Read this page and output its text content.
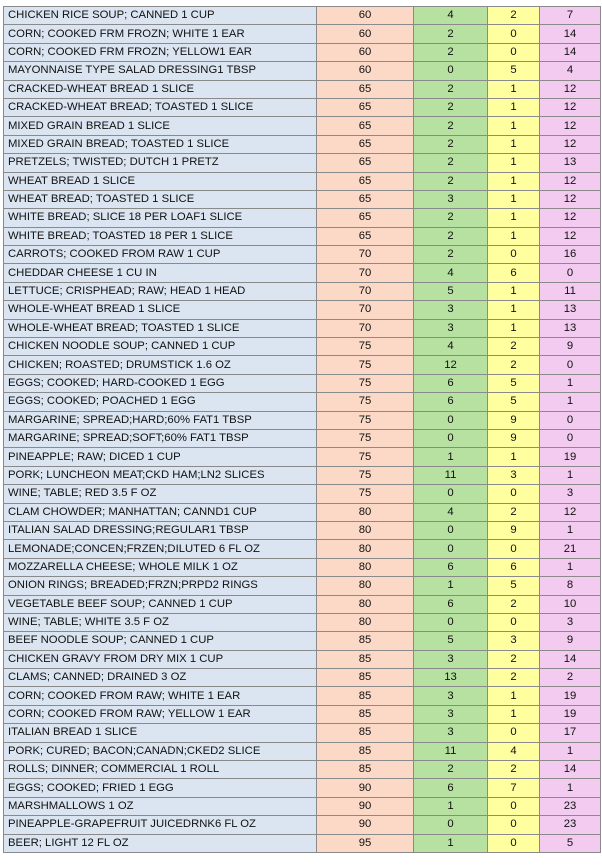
CHICKEN RICE SOUP; CANNED 1 CUP	60	4	2	7
CORN; COOKED FRM FROZN; WHITE 1 EAR	60	2	0	14
CORN; COOKED FRM FROZN; YELLOW1 EAR	60	2	0	14
MAYONNAISE TYPE SALAD DRESSING1 TBSP	60	0	5	4
CRACKED-WHEAT BREAD 1 SLICE	65	2	1	12
CRACKED-WHEAT BREAD; TOASTED 1 SLICE	65	2	1	12
MIXED GRAIN BREAD 1 SLICE	65	2	1	12
MIXED GRAIN BREAD; TOASTED 1 SLICE	65	2	1	12
PRETZELS; TWISTED; DUTCH 1 PRETZ	65	2	1	13
WHEAT BREAD 1 SLICE	65	2	1	12
WHEAT BREAD; TOASTED 1 SLICE	65	3	1	12
WHITE BREAD; SLICE 18 PER LOAF1 SLICE	65	2	1	12
WHITE BREAD; TOASTED 18 PER 1 SLICE	65	2	1	12
CARROTS; COOKED FROM RAW 1 CUP	70	2	0	16
CHEDDAR CHEESE 1 CU IN	70	4	6	0
LETTUCE; CRISPHEAD; RAW; HEAD 1 HEAD	70	5	1	11
WHOLE-WHEAT BREAD 1 SLICE	70	3	1	13
WHOLE-WHEAT BREAD; TOASTED 1 SLICE	70	3	1	13
CHICKEN NOODLE SOUP; CANNED 1 CUP	75	4	2	9
CHICKEN; ROASTED; DRUMSTICK 1.6 OZ	75	12	2	0
EGGS; COOKED; HARD-COOKED 1 EGG	75	6	5	1
EGGS; COOKED; POACHED 1 EGG	75	6	5	1
MARGARINE; SPREAD;HARD;60% FAT1 TBSP	75	0	9	0
MARGARINE; SPREAD;SOFT;60% FAT1 TBSP	75	0	9	0
PINEAPPLE; RAW; DICED 1 CUP	75	1	1	19
PORK; LUNCHEON MEAT;CKD HAM;LN2 SLICES	75	11	3	1
WINE; TABLE; RED 3.5 F OZ	75	0	0	3
CLAM CHOWDER; MANHATTAN; CANND1 CUP	80	4	2	12
ITALIAN SALAD DRESSING;REGULAR1 TBSP	80	0	9	1
LEMONADE;CONCEN;FRZEN;DILUTED 6 FL OZ	80	0	0	21
MOZZARELLA CHEESE; WHOLE MILK 1 OZ	80	6	6	1
ONION RINGS; BREADED;FRZN;PRPD2 RINGS	80	1	5	8
VEGETABLE BEEF SOUP; CANNED 1 CUP	80	6	2	10
WINE; TABLE; WHITE 3.5 F OZ	80	0	0	3
BEEF NOODLE SOUP; CANNED 1 CUP	85	5	3	9
CHICKEN GRAVY FROM DRY MIX 1 CUP	85	3	2	14
CLAMS; CANNED; DRAINED 3 OZ	85	13	2	2
CORN; COOKED FROM RAW; WHITE 1 EAR	85	3	1	19
CORN; COOKED FROM RAW; YELLOW 1 EAR	85	3	1	19
ITALIAN BREAD 1 SLICE	85	3	0	17
PORK; CURED; BACON;CANADN;CKED2 SLICE	85	11	4	1
ROLLS; DINNER; COMMERCIAL 1 ROLL	85	2	2	14
EGGS; COOKED; FRIED 1 EGG	90	6	7	1
MARSHMALLOWS 1 OZ	90	1	0	23
PINEAPPLE-GRAPEFRUIT JUICEDRNK6 FL OZ	90	0	0	23
BEER; LIGHT 12 FL OZ	95	1	0	5
